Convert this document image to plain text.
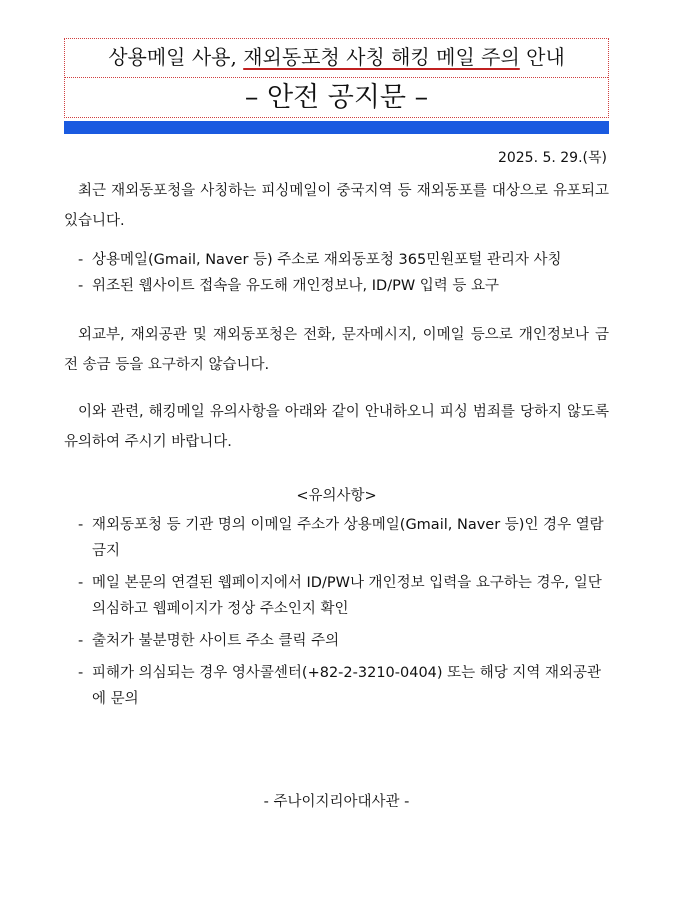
상용메일 사용, 재외동포청 사칭 해킹 메일 주의 안내
– 안전 공지문 –
2025. 5. 29.(목)

최근 재외동포청을 사칭하는 피싱메일이 중국지역 등 재외동포를 대상으로 유포되고 있습니다.

- 상용메일(Gmail, Naver 등) 주소로 재외동포청 365민원포털 관리자 사칭
- 위조된 웹사이트 접속을 유도해 개인정보나, ID/PW 입력 등 요구

외교부, 재외공관 및 재외동포청은 전화, 문자메시지, 이메일 등으로 개인정보나 금전 송금 등을 요구하지 않습니다.

이와 관련, 해킹메일 유의사항을 아래와 같이 안내하오니 피싱 범죄를 당하지 않도록 유의하여 주시기 바랍니다.

<유의사항>
- 재외동포청 등 기관 명의 이메일 주소가 상용메일(Gmail, Naver 등)인 경우 열람 금지
- 메일 본문의 연결된 웹페이지에서 ID/PW나 개인정보 입력을 요구하는 경우, 일단 의심하고 웹페이지가 정상 주소인지 확인
- 출처가 불분명한 사이트 주소 클릭 주의
- 피해가 의심되는 경우 영사콜센터(+82-2-3210-0404) 또는 해당 지역 재외공관에 문의
- 주나이지리아대사관 -
